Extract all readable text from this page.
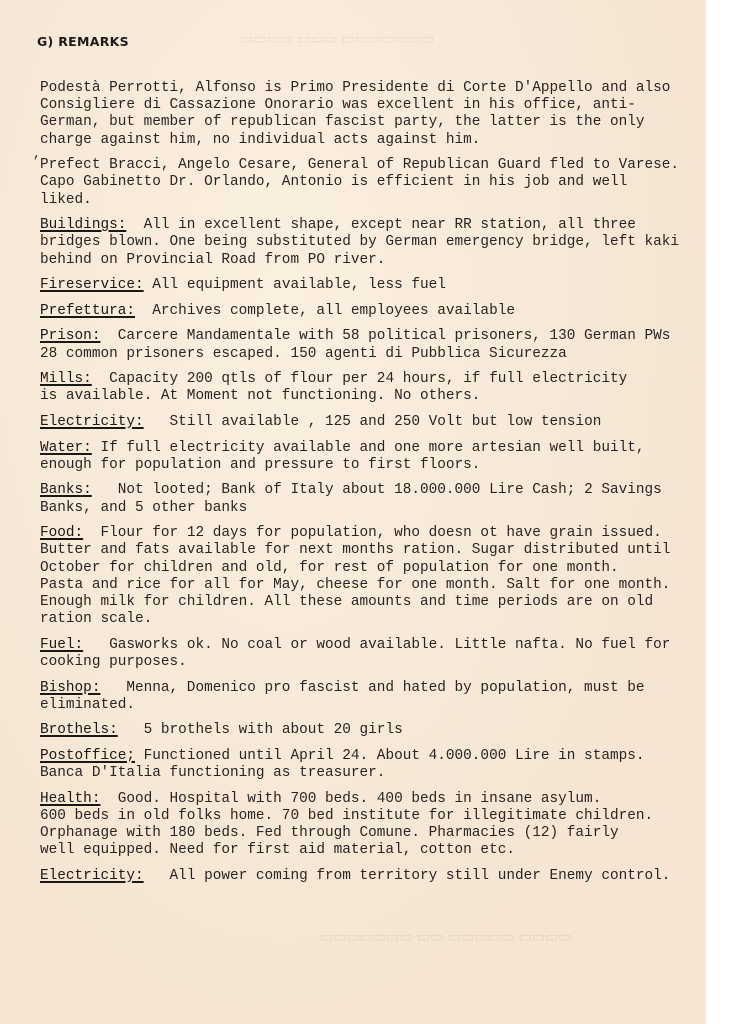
▭▭▭▭ ▭▭▭ ▭▭▭▭▭▭▭
▭▭▭▭▭▭▭ ▭▭ ▭▭▭▭▭ ▭▭▭▭
G) REMARKS
,
Podestà Perrotti, Alfonso is Primo Presidente di Corte D'Appello and also
Consigliere di Cassazione Onorario was excellent in his office, anti-
German, but member of republican fascist party, the latter is the only
charge against him, no individual acts against him.
Prefect Bracci, Angelo Cesare, General of Republican Guard fled to Varese.
Capo Gabinetto Dr. Orlando, Antonio is efficient in his job and well
liked.
Buildings:  All in excellent shape, except near RR station, all three
bridges blown. One being substituted by German emergency bridge, left kaki
behind on Provincial Road from PO river.
Fireservice: All equipment available, less fuel
Prefettura:  Archives complete, all employees available
Prison:  Carcere Mandamentale with 58 political prisoners, 130 German PWs
28 common prisoners escaped. 150 agenti di Pubblica Sicurezza
Mills:  Capacity 200 qtls of flour per 24 hours, if full electricity
is available. At Moment not functioning. No others.
Electricity:   Still available , 125 and 250 Volt but low tension
Water: If full electricity available and one more artesian well built,
enough for population and pressure to first floors.
Banks:   Not looted; Bank of Italy about 18.000.000 Lire Cash; 2 Savings
Banks, and 5 other banks
Food:  Flour for 12 days for population, who doesn ot have grain issued.
Butter and fats available for next months ration. Sugar distributed until
October for children and old, for rest of population for one month.
Pasta and rice for all for May, cheese for one month. Salt for one month.
Enough milk for children. All these amounts and time periods are on old
ration scale.
Fuel:   Gasworks ok. No coal or wood available. Little nafta. No fuel for
cooking purposes.
Bishop:   Menna, Domenico pro fascist and hated by population, must be
eliminated.
Brothels:   5 brothels with about 20 girls
Postoffice; Functioned until April 24. About 4.000.000 Lire in stamps.
Banca D'Italia functioning as treasurer.
Health:  Good. Hospital with 700 beds. 400 beds in insane asylum.
600 beds in old folks home. 70 bed institute for illegitimate children.
Orphanage with 180 beds. Fed through Comune. Pharmacies (12) fairly
well equipped. Need for first aid material, cotton etc.
Electricity:   All power coming from territory still under Enemy control.
